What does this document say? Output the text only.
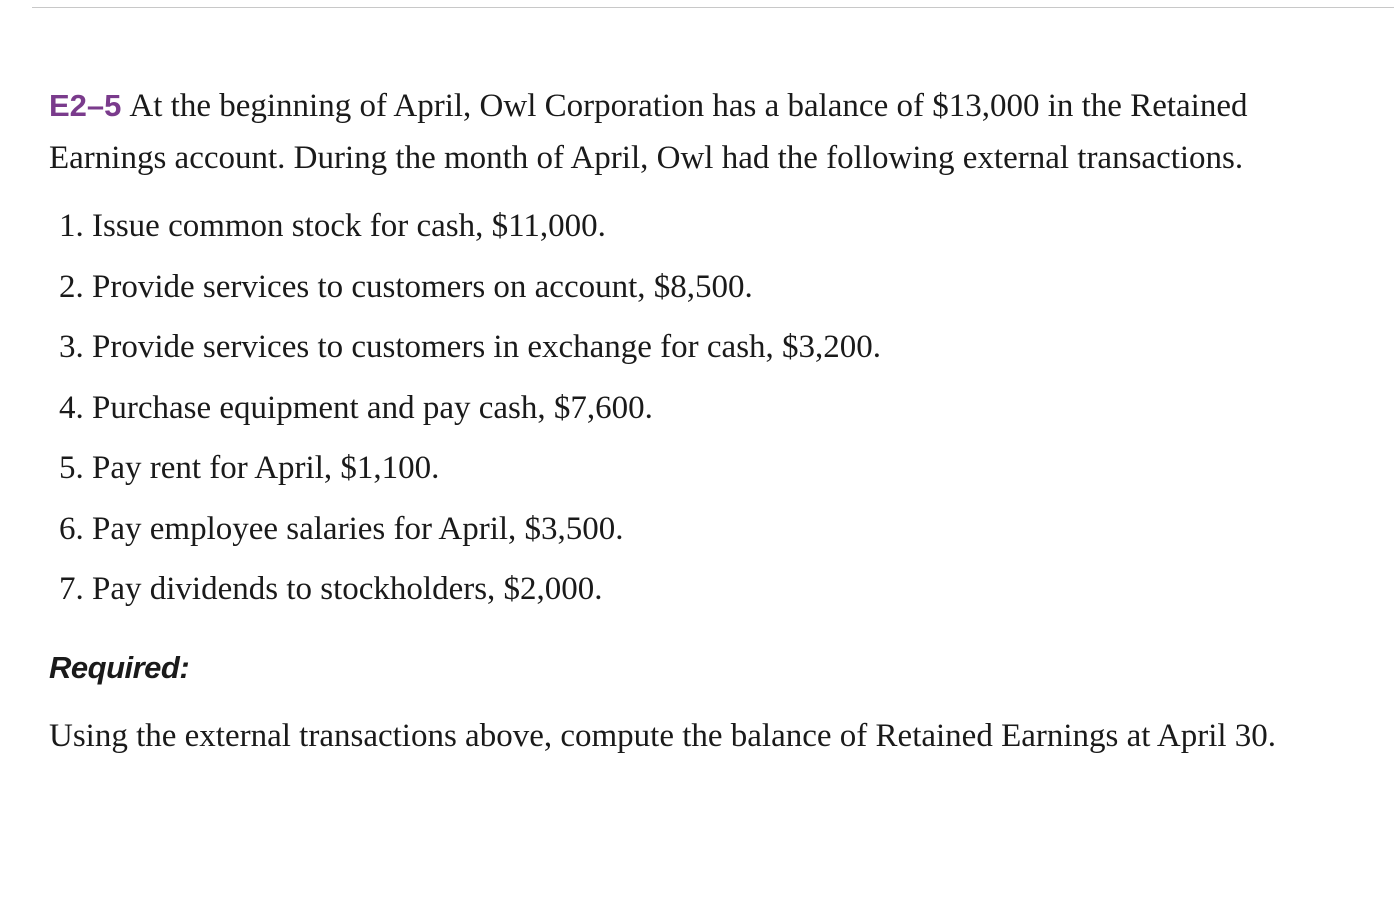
E2–5 At the beginning of April, Owl Corporation has a balance of $13,000 in the Retained Earnings account. During the month of April, Owl had the following external transactions.

1. Issue common stock for cash, $11,000.
2. Provide services to customers on account, $8,500.
3. Provide services to customers in exchange for cash, $3,200.
4. Purchase equipment and pay cash, $7,600.
5. Pay rent for April, $1,100.
6. Pay employee salaries for April, $3,500.
7. Pay dividends to stockholders, $2,000.

Required:

Using the external transactions above, compute the balance of Retained Earnings at April 30.
